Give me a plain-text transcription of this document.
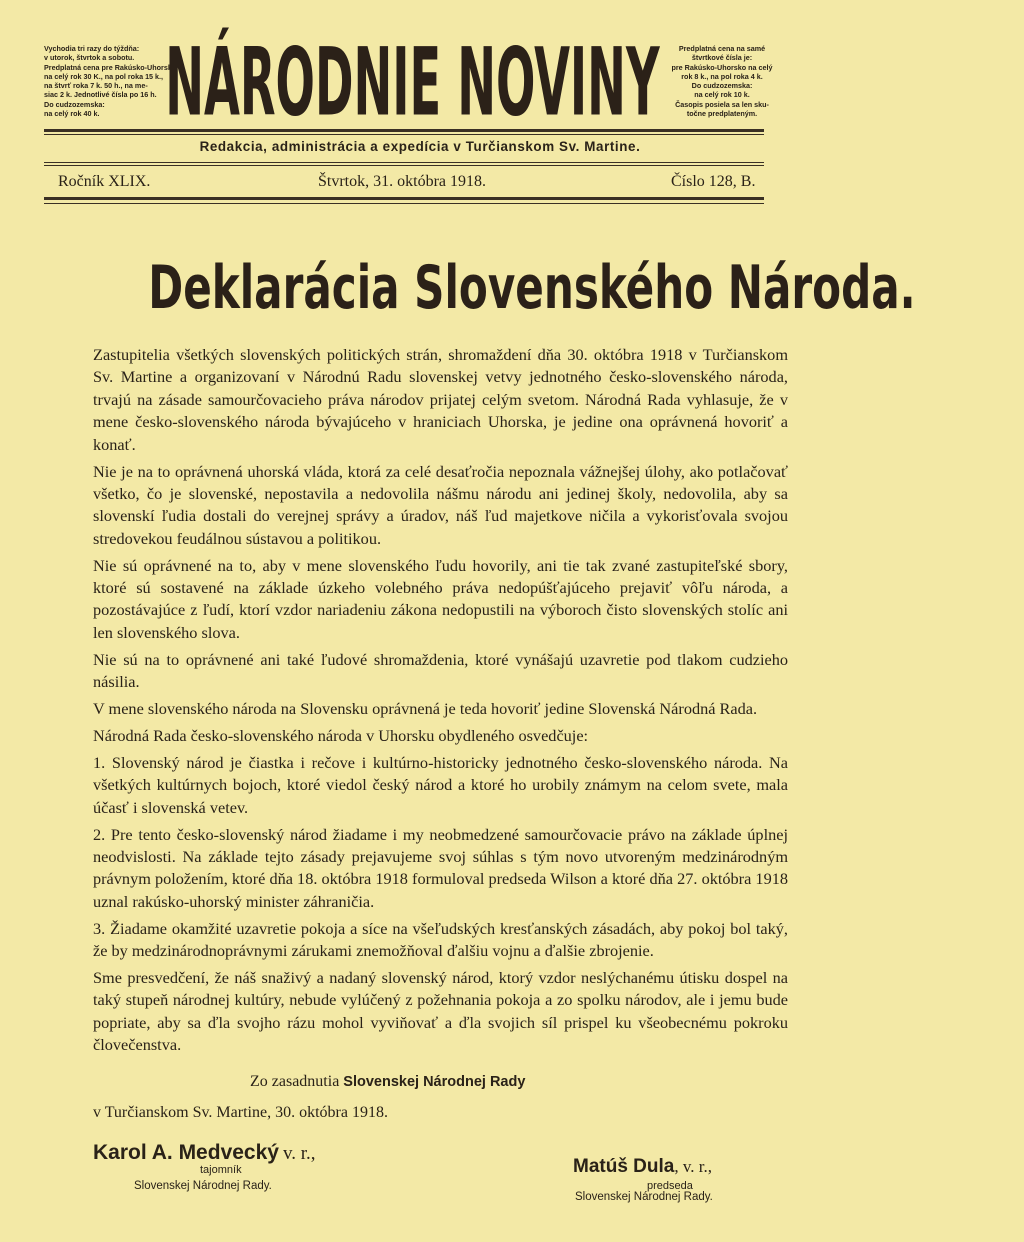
Vychodia tri razy do týždňa:
v utorok, štvrtok a sobotu.
Predplatná cena pre Rakúsko-Uhorsko
na celý rok 30 K., na pol roka 15 k.,
na štvrť roka 7 k. 50 h., na me-
siac 2 k. Jednotlivé čísla po 16 h.
Do cudzozemska:
na celý rok 40 k. NÁRODNIE NOVINY	Predplatná cena na samé
štvrtkové čísla je:
pre Rakúsko-Uhorsko na celý
rok 8 k., na pol roka 4 k.
Do cudzozemska:
na celý rok 10 k.
Časopis posiela sa len sku-
točne predplateným.
Redakcia, administrácia a expedícia v Turčianskom Sv. Martine.
Ročník XLIX.	Štvrtok, 31. októbra 1918.	Číslo 128, B.
Deklarácia Slovenského Národa.

Zastupitelia všetkých slovenských politických strán, shromaždení dňa 30. októbra 1918 v Turčianskom Sv. Martine a organizovaní v Národnú Radu slovenskej vetvy jednotného česko-slovenského národa, trvajú na zásade samourčovacieho práva národov prijatej celým svetom. Národná Rada vyhlasuje, že v mene česko-slovenského národa bývajúceho v hraniciach Uhorska, je jedine ona oprávnená hovoriť a konať.

Nie je na to oprávnená uhorská vláda, ktorá za celé desaťročia nepoznala vážnejšej úlohy, ako potlačovať všetko, čo je slovenské, nepostavila a nedovolila nášmu národu ani jedinej školy, nedovolila, aby sa slovenskí ľudia dostali do verejnej správy a úradov, náš ľud majetkove ničila a vykorisťovala svojou stredovekou feudálnou sústavou a politikou.

Nie sú oprávnené na to, aby v mene slovenského ľudu hovorily, ani tie tak zvané zastupiteľské sbory, ktoré sú sostavené na základe úzkeho volebného práva nedopúšťajúceho prejaviť vôľu národa, a pozostávajúce z ľudí, ktorí vzdor nariadeniu zákona nedopustili na výboroch čisto slovenských stolíc ani len slovenského slova.

Nie sú na to oprávnené ani také ľudové shromaždenia, ktoré vynášajú uzavretie pod tlakom cudzieho násilia.

V mene slovenského národa na Slovensku oprávnená je teda hovoriť jedine Slovenská Národná Rada.

Národná Rada česko-slovenského národa v Uhorsku obydleného osvedčuje:

1. Slovenský národ je čiastka i rečove i kultúrno-historicky jednotného česko-slovenského národa. Na všetkých kultúrnych bojoch, ktoré viedol český národ a ktoré ho urobily známym na celom svete, mala účasť i slovenská vetev.

2. Pre tento česko-slovenský národ žiadame i my neobmedzené samourčovacie právo na základe úplnej neodvislosti. Na základe tejto zásady prejavujeme svoj súhlas s tým novo utvoreným medzinárodným právnym položením, ktoré dňa 18. októbra 1918 formuloval predseda Wilson a ktoré dňa 27. októbra 1918 uznal rakúsko-uhorský minister záhraničia.

3. Žiadame okamžité uzavretie pokoja a síce na všeľudských kresťanských zásadách, aby pokoj bol taký, že by medzinárodnoprávnymi zárukami znemožňoval ďalšiu vojnu a ďalšie zbrojenie.

Sme presvedčení, že náš snaživý a nadaný slovenský národ, ktorý vzdor neslýchanému útisku dospel na taký stupeň národnej kultúry, nebude vylúčený z požehnania pokoja a zo spolku národov, ale i jemu bude popriate, aby sa ďla svojho rázu mohol vyviňovať a ďla svojich síl prispel ku všeobecnému pokroku človečenstva.

Zo zasadnutia Slovenskej Národnej Rady
v Turčianskom Sv. Martine, 30. októbra 1918.
Karol A. Medvecký v. r.,
tajomník
Slovenskej Národnej Rady.
Matúš Dula, v. r.,
predseda
Slovenskej Národnej Rady.
